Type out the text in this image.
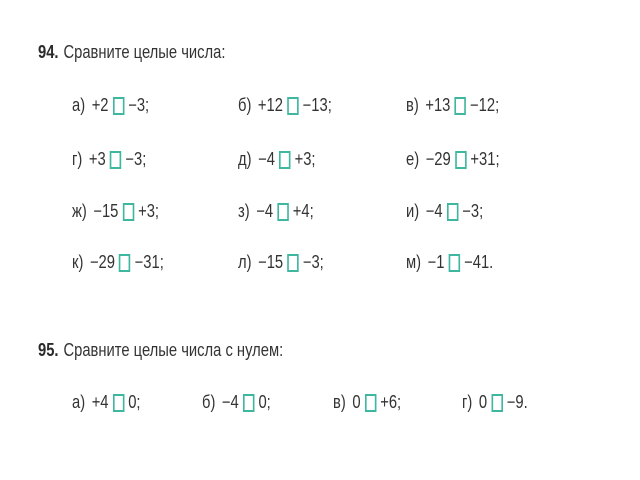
94. Сравните целые числа:
а) +2 −3;	б) +12 −13;	в) +13 −12;
г) +3 −3;	д) −4 +3;	е) −29 +31;
ж) −15 +3;	з) −4 +4;	и) −4 −3;
к) −29 −31;	л) −15 −3;	м) −1 −41.
95. Сравните целые числа с нулем:
а) +4 0;	б) −4 0;	в) 0 +6;	г) 0 −9.
